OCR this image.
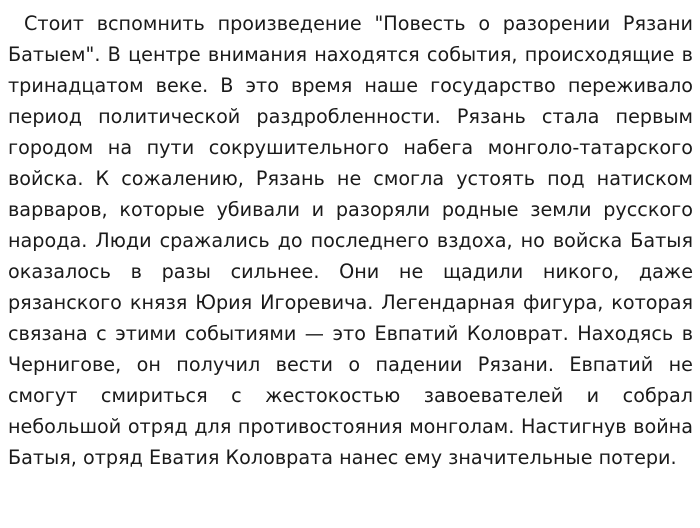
Стоит вспомнить произведение "Повесть о разорении Рязани Батыем". В центре внимания находятся события, происходящие в тринадцатом веке. В это время наше государство переживало период политической раздробленности. Рязань стала первым городом на пути сокрушительного набега монголо-татарского войска. К сожалению, Рязань не смогла устоять под натиском варваров, которые убивали и разоряли родные земли русского народа. Люди сражались до последнего вздоха, но войска Батыя оказалось в разы сильнее. Они не щадили никого, даже рязанского князя Юрия Игоревича. Легендарная фигура, которая связана с этими событиями — это Евпатий Коловрат. Находясь в Чернигове, он получил вести о падении Рязани. Евпатий не смогут смириться с жестокостью завоевателей и собрал небольшой отряд для противостояния монголам. Настигнув война Батыя, отряд Еватия Коловрата нанес ему значительные потери.
